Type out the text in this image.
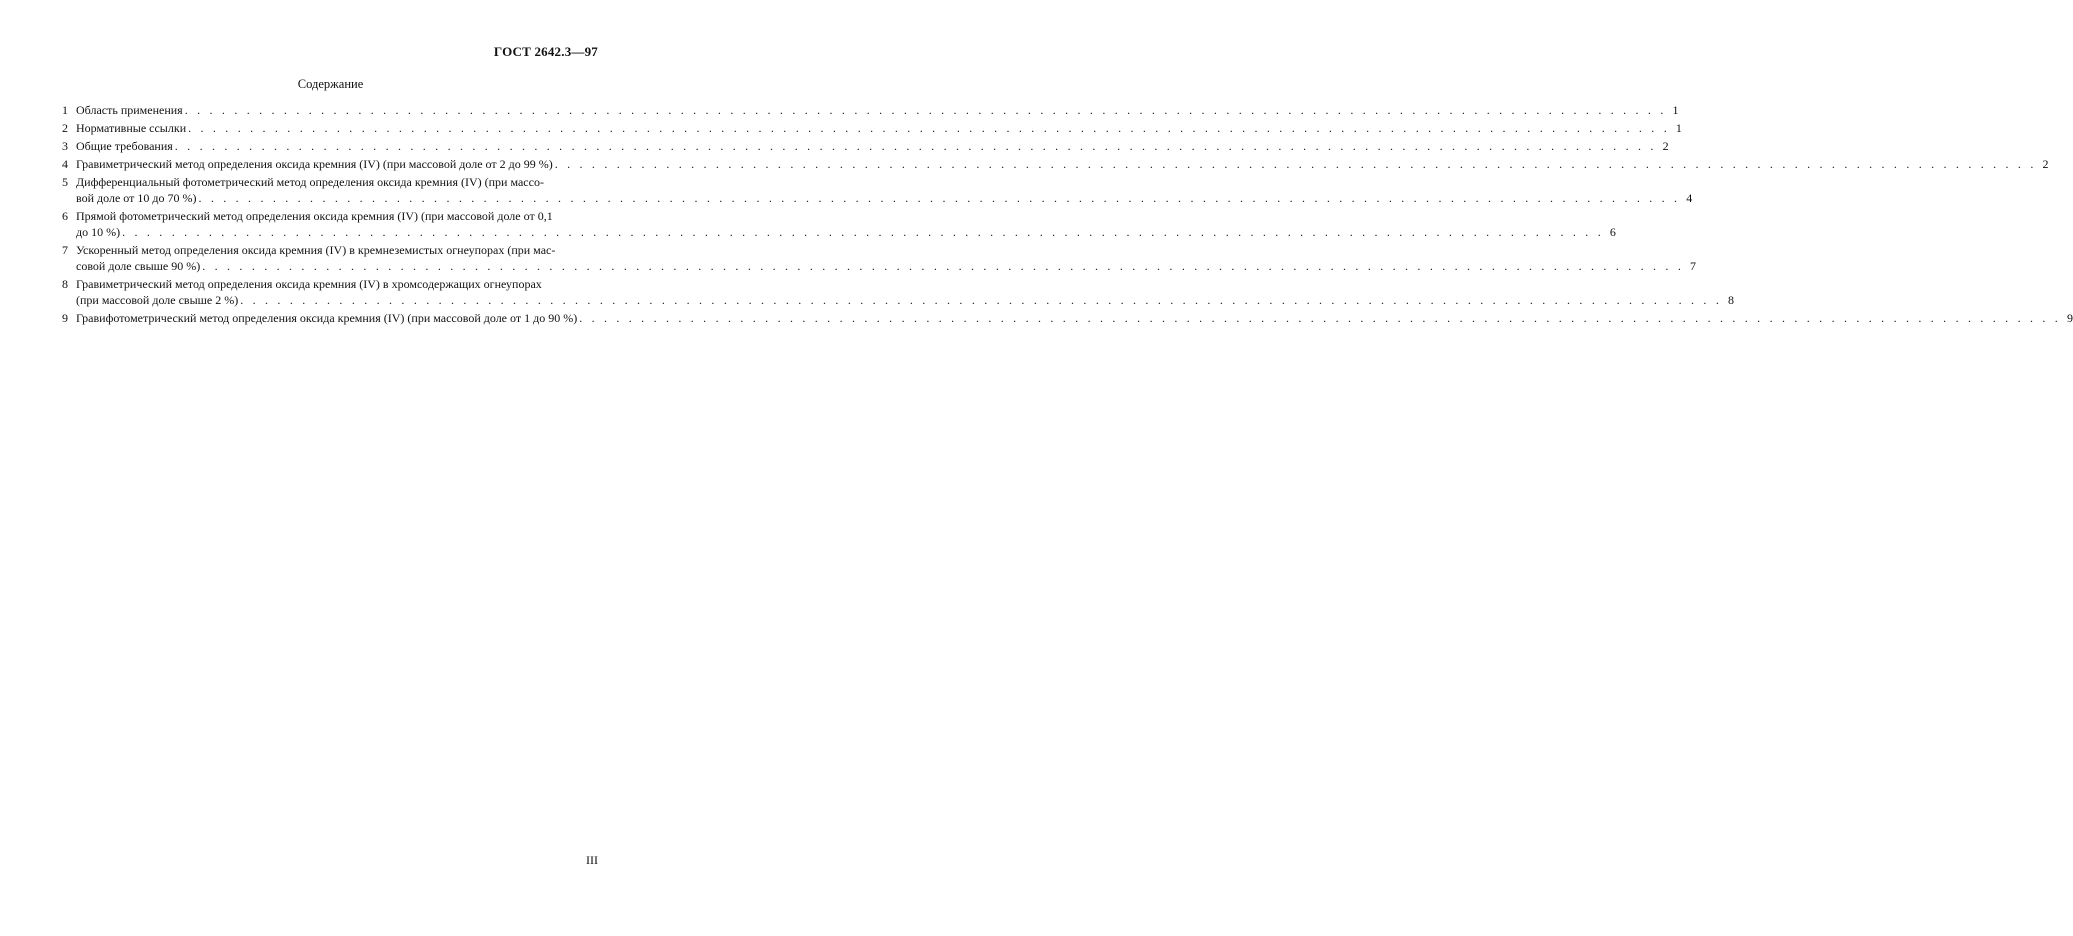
ГОСТ 2642.3—97
Содержание
1 Область применения . . . . . . . . . . . . . . . . . . . . . . . . . . . . . . . . . . . . . . . . . . . . . . . . . . . . . . . . . . . . . . . . . . . . . . . . . . . . . . . . . . . . . . . . . . . . . . . . . . . . . . . . . . . . . . . . . . . . . . . . 1
2 Нормативные ссылки . . . . . . . . . . . . . . . . . . . . . . . . . . . . . . . . . . . . . . . . . . . . . . . . . . . . . . . . . . . . . . . . . . . . . . . . . . . . . . . . . . . . . . . . . . . . . . . . . . . . . . . . . . . . . . . . . . . . . . . . 1
3 Общие требования . . . . . . . . . . . . . . . . . . . . . . . . . . . . . . . . . . . . . . . . . . . . . . . . . . . . . . . . . . . . . . . . . . . . . . . . . . . . . . . . . . . . . . . . . . . . . . . . . . . . . . . . . . . . . . . . . . . . . . . . 2
4 Гравиметрический метод определения оксида кремния (IV) (при массовой доле от 2 до 99 %) . . . . . . . . . . . . . . . . . . . . . . . . . . . . . . . . . . . . . . . . . . . . . . . . . . . . . . . . . . . . . . . . . . . . . . . . . . . . . . . . . . . . . . . . . . . . . . . . . . . . . . . . . . . . . . . . . . . . . . . . 2
5 Дифференциальный фотометрический метод определения оксида кремния (IV) (при массо-
вой доле от 10 до 70 %) . . . . . . . . . . . . . . . . . . . . . . . . . . . . . . . . . . . . . . . . . . . . . . . . . . . . . . . . . . . . . . . . . . . . . . . . . . . . . . . . . . . . . . . . . . . . . . . . . . . . . . . . . . . . . . . . . . . . . . . . 4
6 Прямой фотометрический метод определения оксида кремния (IV) (при массовой доле от 0,1
до 10 %) . . . . . . . . . . . . . . . . . . . . . . . . . . . . . . . . . . . . . . . . . . . . . . . . . . . . . . . . . . . . . . . . . . . . . . . . . . . . . . . . . . . . . . . . . . . . . . . . . . . . . . . . . . . . . . . . . . . . . . . . 6
7 Ускоренный метод определения оксида кремния (IV) в кремнеземистых огнеупорах (при мас-
совой доле свыше 90 %) . . . . . . . . . . . . . . . . . . . . . . . . . . . . . . . . . . . . . . . . . . . . . . . . . . . . . . . . . . . . . . . . . . . . . . . . . . . . . . . . . . . . . . . . . . . . . . . . . . . . . . . . . . . . . . . . . . . . . . . . 7
8 Гравиметрический метод определения оксида кремния (IV) в хромсодержащих огнеупорах
(при массовой доле свыше 2 %) . . . . . . . . . . . . . . . . . . . . . . . . . . . . . . . . . . . . . . . . . . . . . . . . . . . . . . . . . . . . . . . . . . . . . . . . . . . . . . . . . . . . . . . . . . . . . . . . . . . . . . . . . . . . . . . . . . . . . . . . 8
9 Гравифотометрический метод определения оксида кремния (IV) (при массовой доле от 1 до 90 %) . . . . . . . . . . . . . . . . . . . . . . . . . . . . . . . . . . . . . . . . . . . . . . . . . . . . . . . . . . . . . . . . . . . . . . . . . . . . . . . . . . . . . . . . . . . . . . . . . . . . . . . . . . . . . . . . . . . . . . . . 9
III
